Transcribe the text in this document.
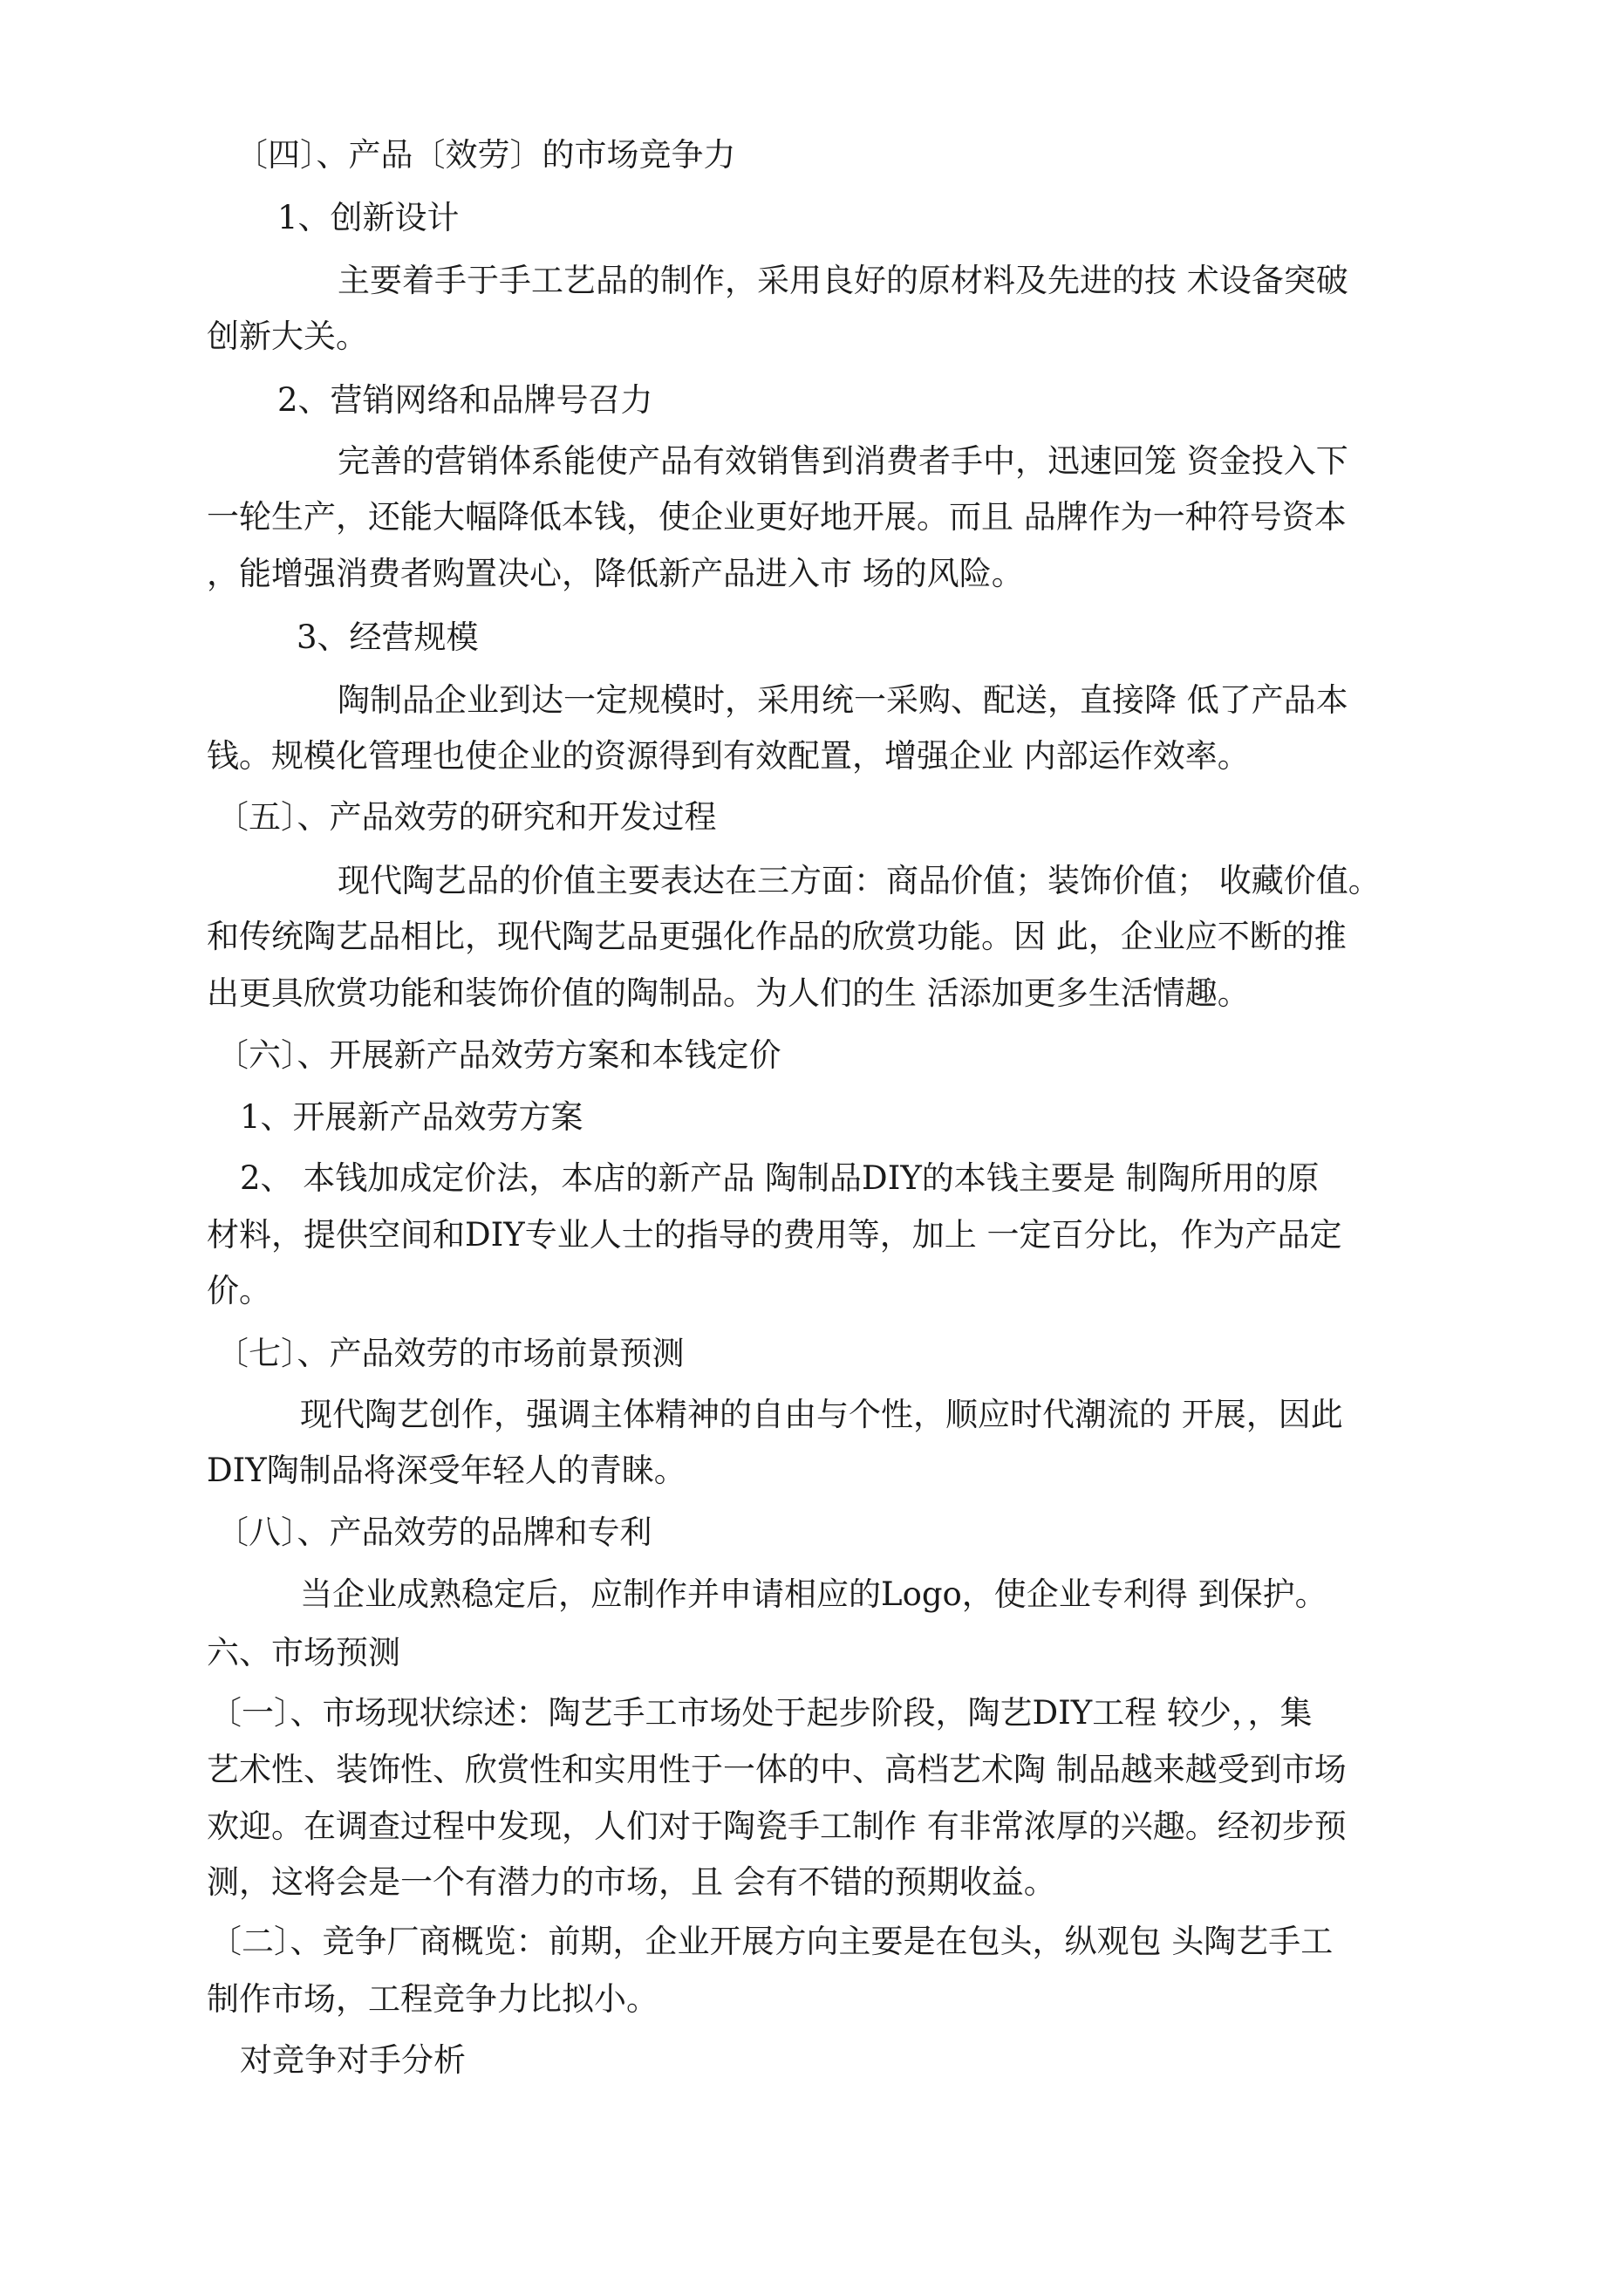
〔四〕、产品〔效劳〕的市场竞争力
1、创新设计
主要着手于手工艺品的制作，采用良好的原材料及先进的技 术设备突破
创新大关。
2、营销网络和品牌号召力
完善的营销体系能使产品有效销售到消费者手中，迅速回笼 资金投入下
一轮生产，还能大幅降低本钱，使企业更好地开展。而且 品牌作为一种符号资本
，能增强消费者购置决心，降低新产品进入市 场的风险。
3、经营规模
陶制品企业到达一定规模时，采用统一采购、配送，直接降 低了产品本
钱。规模化管理也使企业的资源得到有效配置，增强企业 内部运作效率。
〔五〕、产品效劳的研究和开发过程
现代陶艺品的价值主要表达在三方面：商品价值；装饰价值； 收藏价值。
和传统陶艺品相比，现代陶艺品更强化作品的欣赏功能。因 此，企业应不断的推
出更具欣赏功能和装饰价值的陶制品。为人们的生 活添加更多生活情趣。
〔六〕、开展新产品效劳方案和本钱定价
1、开展新产品效劳方案
2、 本钱加成定价法，本店的新产品 陶制品DIY的本钱主要是 制陶所用的原
材料，提供空间和DIY专业人士的指导的费用等，加上 一定百分比，作为产品定
价。
〔七〕、产品效劳的市场前景预测
现代陶艺创作，强调主体精神的自由与个性，顺应时代潮流的 开展，因此
DIY陶制品将深受年轻人的青睐。
〔八〕、产品效劳的品牌和专利
当企业成熟稳定后，应制作并申请相应的Logo，使企业专利得 到保护。
六、市场预测
〔一〕、市场现状综述：陶艺手工市场处于起步阶段，陶艺DIY工程 较少，，集
艺术性、装饰性、欣赏性和实用性于一体的中、高档艺术陶 制品越来越受到市场
欢迎。在调查过程中发现，人们对于陶瓷手工制作 有非常浓厚的兴趣。经初步预
测，这将会是一个有潜力的市场，且 会有不错的预期收益。
〔二〕、竞争厂商概览：前期，企业开展方向主要是在包头，纵观包 头陶艺手工
制作市场，工程竞争力比拟小。
对竞争对手分析
